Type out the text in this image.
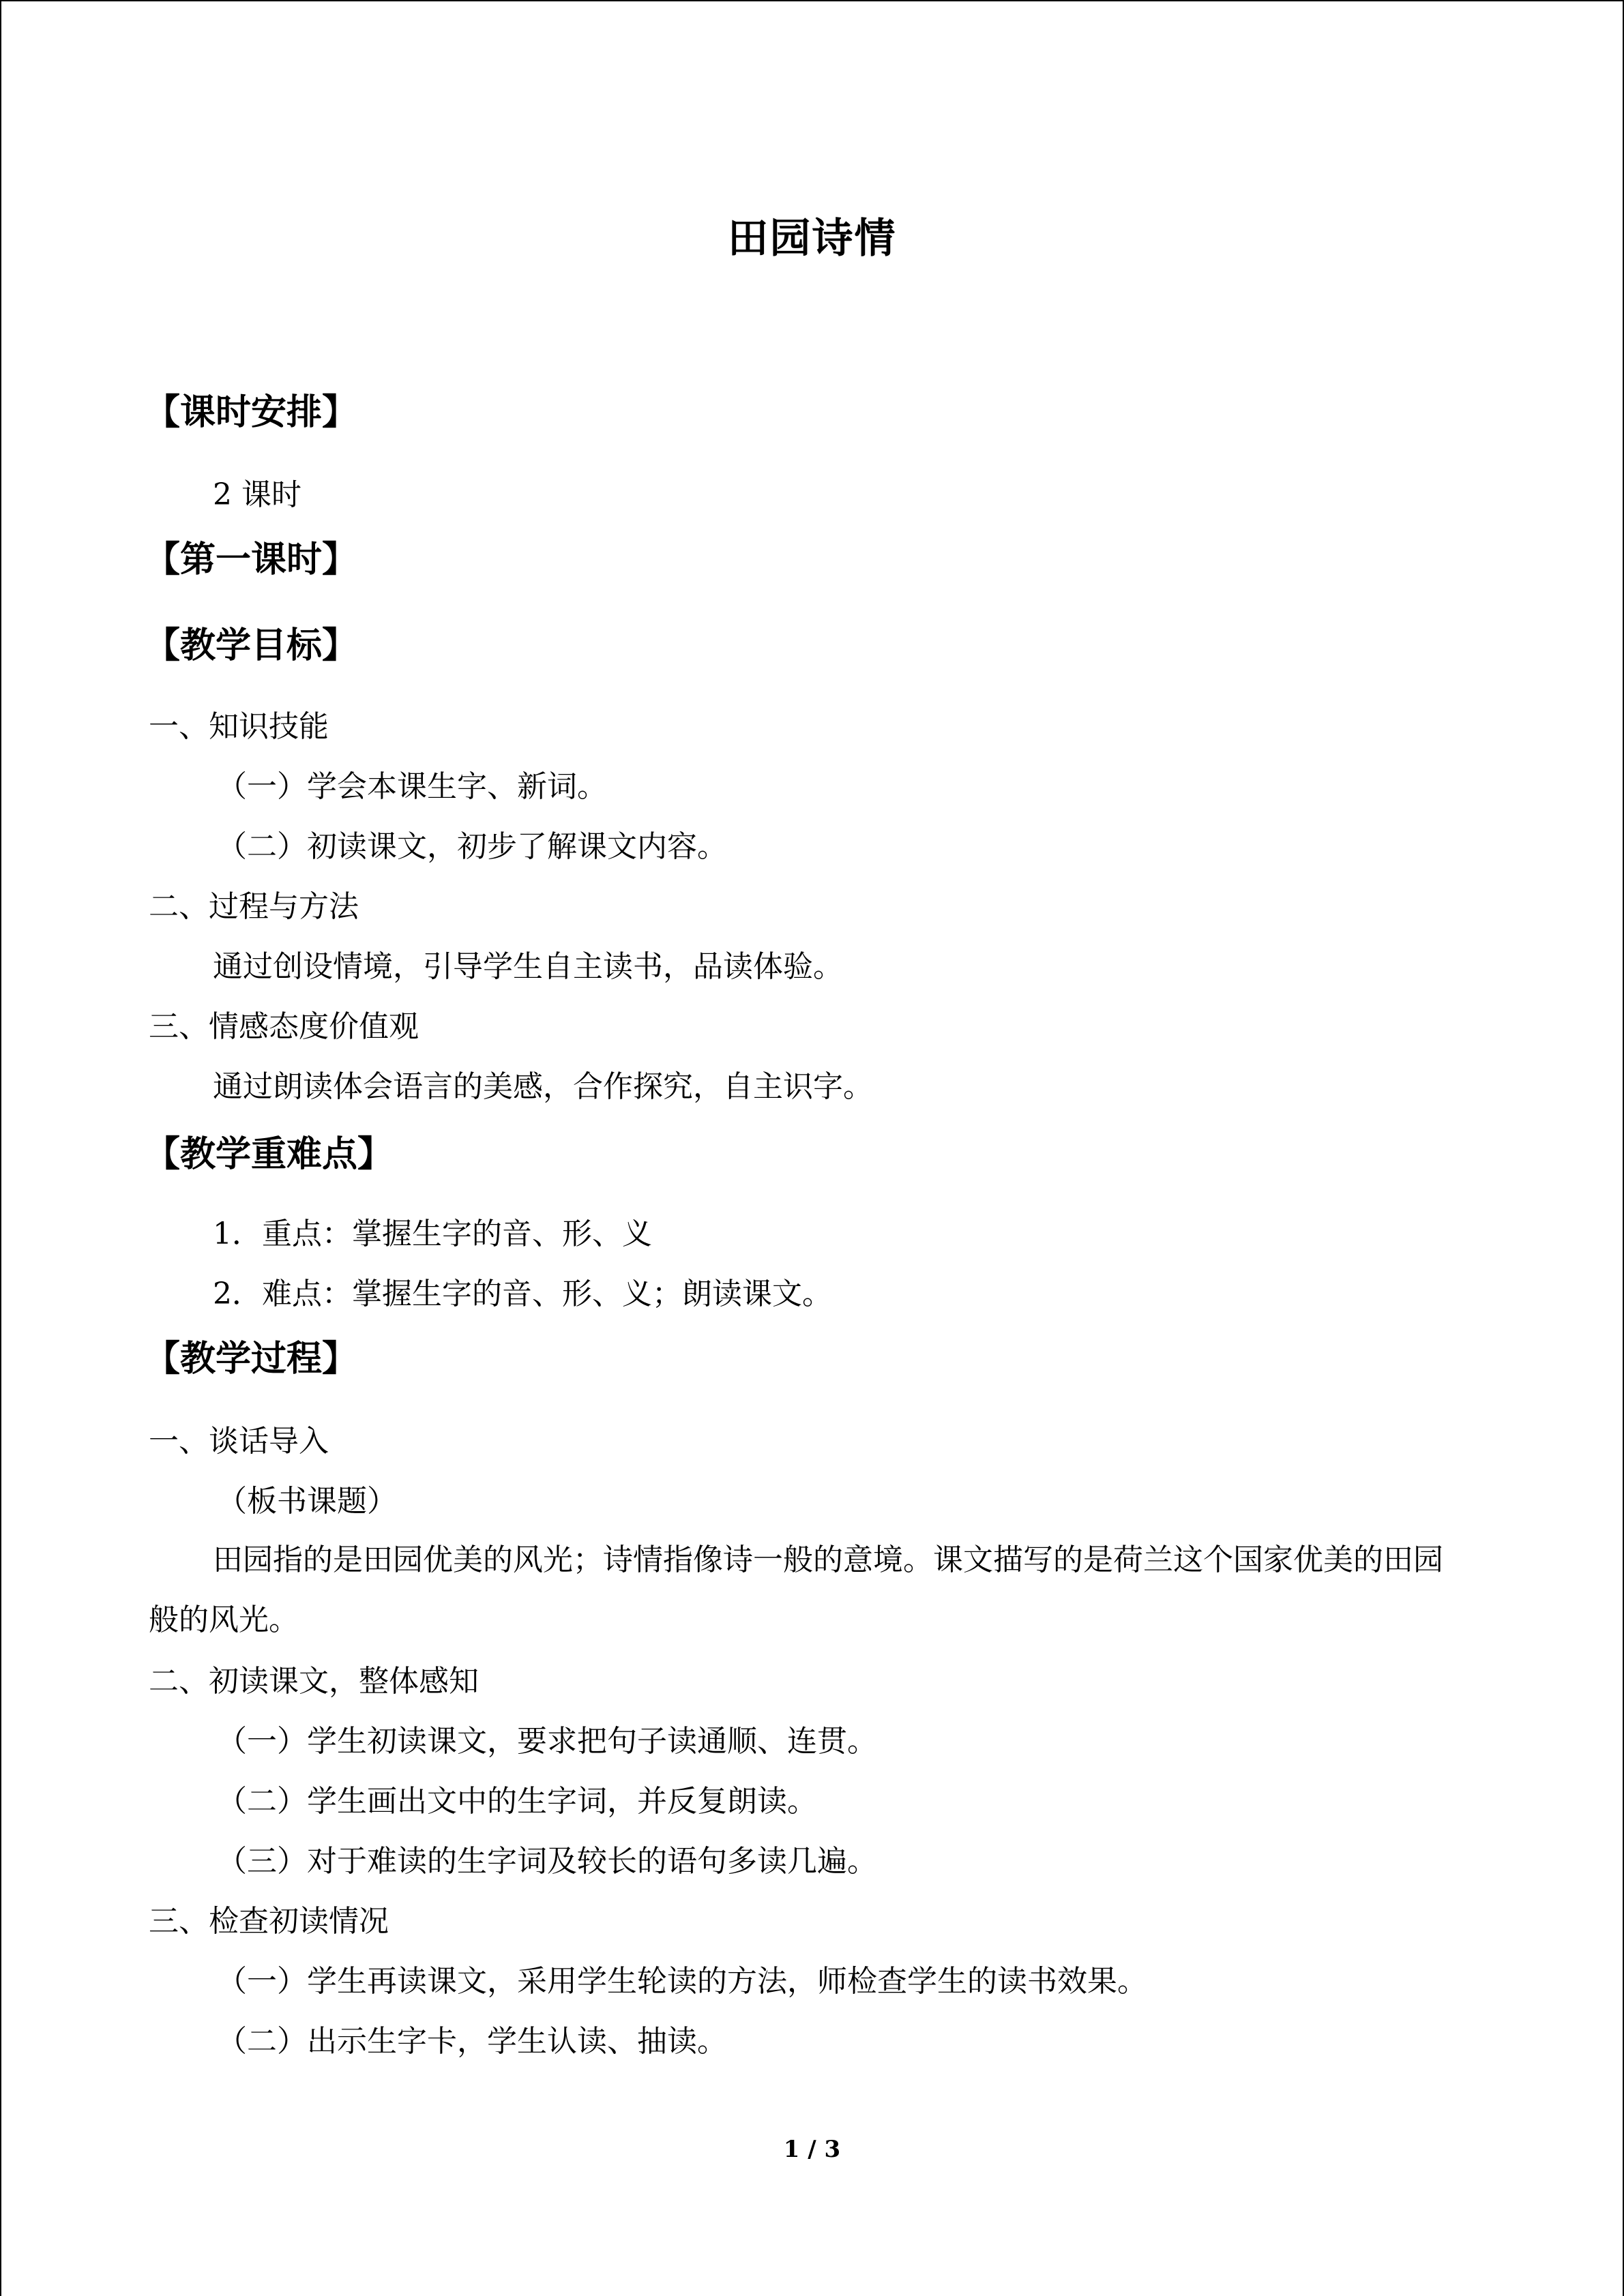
田园诗情
【课时安排】
2 课时
【第一课时】
【教学目标】
一、知识技能
（一）学会本课生字、新词。
（二）初读课文，初步了解课文内容。
二、过程与方法
通过创设情境，引导学生自主读书，品读体验。
三、情感态度价值观
通过朗读体会语言的美感，合作探究，自主识字。
【教学重难点】
1．重点：掌握生字的音、形、义
2．难点：掌握生字的音、形、义；朗读课文。
【教学过程】
一、谈话导入
（板书课题）
田园指的是田园优美的风光；诗情指像诗一般的意境。课文描写的是荷兰这个国家优美的田园般的风光。
二、初读课文，整体感知
（一）学生初读课文，要求把句子读通顺、连贯。
（二）学生画出文中的生字词，并反复朗读。
（三）对于难读的生字词及较长的语句多读几遍。
三、检查初读情况
（一）学生再读课文，采用学生轮读的方法，师检查学生的读书效果。
（二）出示生字卡，学生认读、抽读。
1 / 3
